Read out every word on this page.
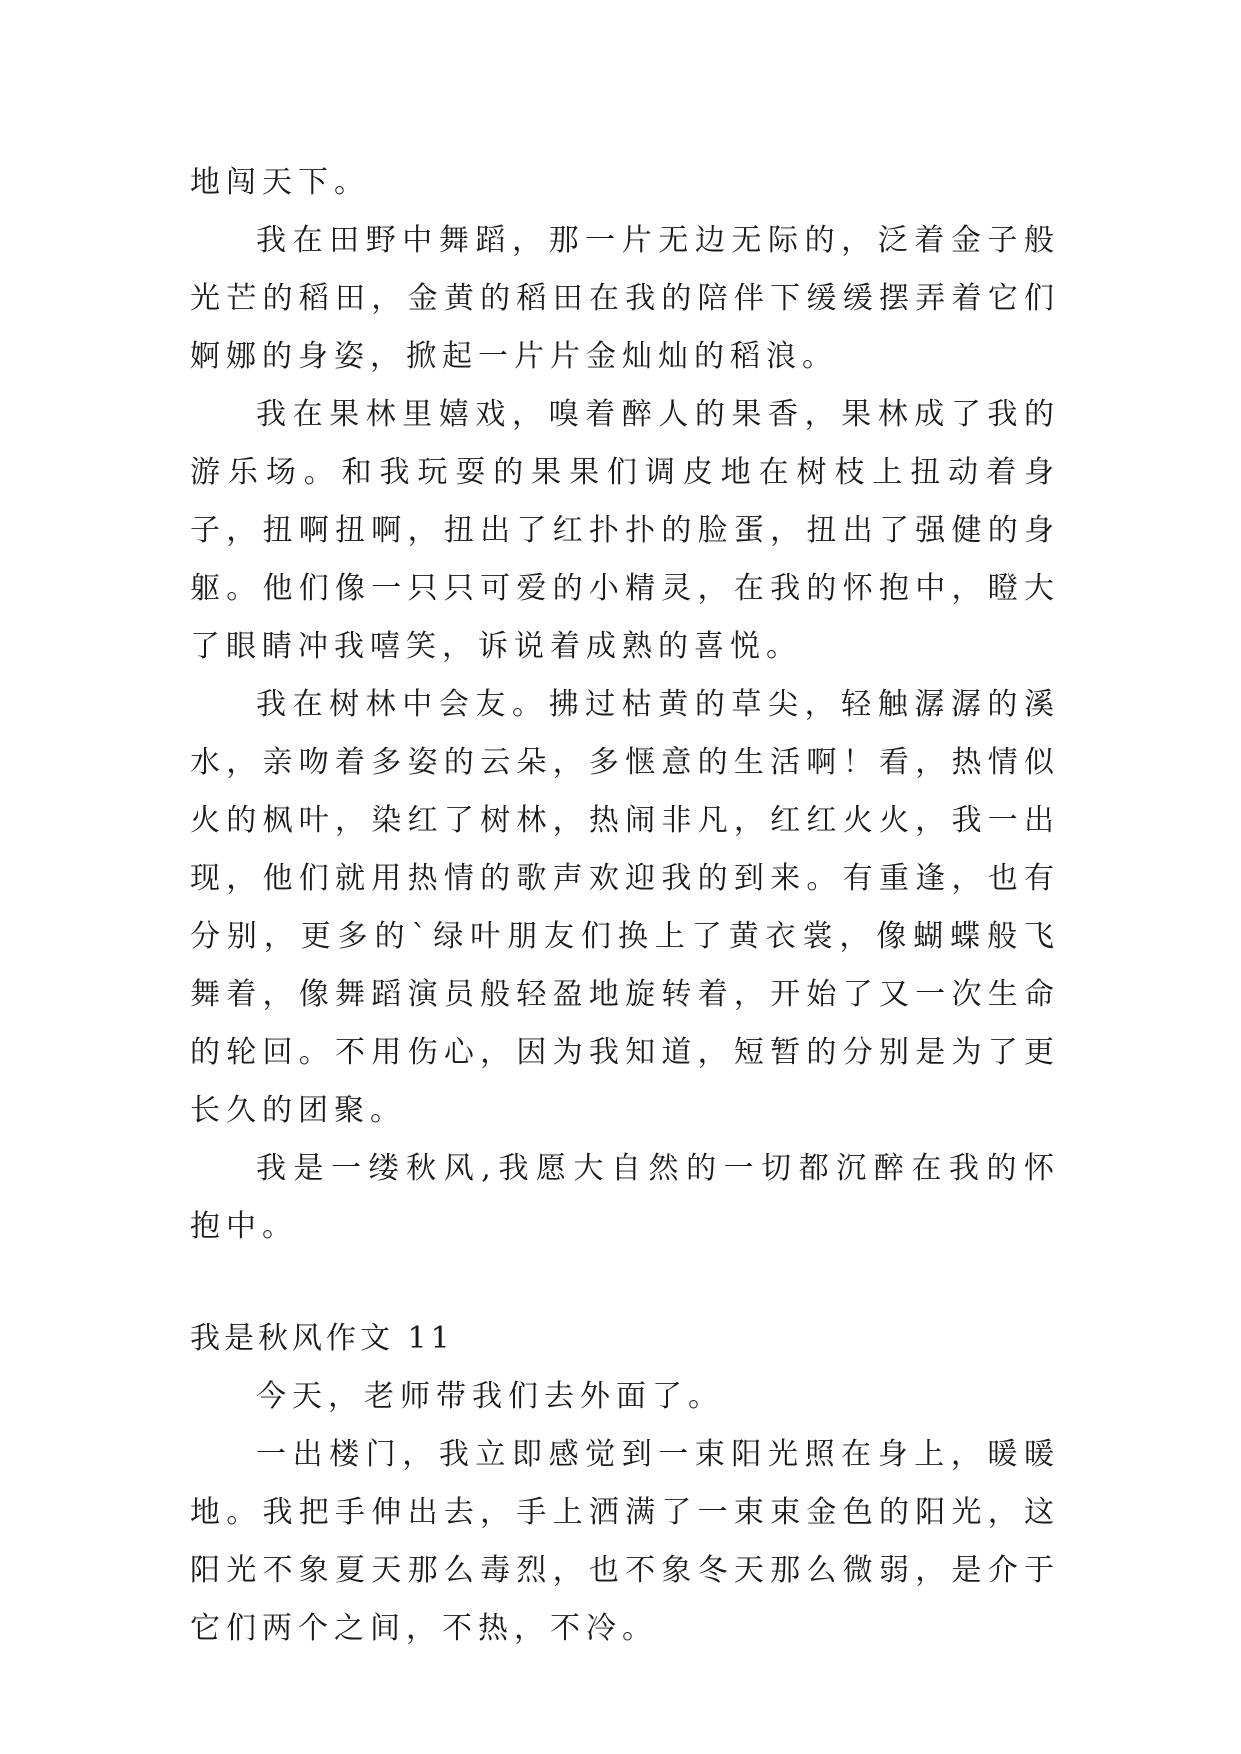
地闯天下。

我在田野中舞蹈，那一片无边无际的，泛着金子般光芒的稻田，金黄的稻田在我的陪伴下缓缓摆弄着它们婀娜的身姿，掀起一片片金灿灿的稻浪。

我在果林里嬉戏，嗅着醉人的果香，果林成了我的游乐场。和我玩耍的果果们调皮地在树枝上扭动着身子，扭啊扭啊，扭出了红扑扑的脸蛋，扭出了强健的身躯。他们像一只只可爱的小精灵，在我的怀抱中，瞪大了眼睛冲我嘻笑，诉说着成熟的喜悦。

我在树林中会友。拂过枯黄的草尖，轻触潺潺的溪水，亲吻着多姿的云朵，多惬意的生活啊！看，热情似火的枫叶，染红了树林，热闹非凡，红红火火，我一出现，他们就用热情的歌声欢迎我的到来。有重逢，也有分别，更多的`绿叶朋友们换上了黄衣裳，像蝴蝶般飞舞着，像舞蹈演员般轻盈地旋转着，开始了又一次生命的轮回。不用伤心，因为我知道，短暂的分别是为了更长久的团聚。

我是一缕秋风,我愿大自然的一切都沉醉在我的怀抱中。

我是秋风作文 11

今天，老师带我们去外面了。

一出楼门，我立即感觉到一束阳光照在身上，暖暖地。我把手伸出去，手上洒满了一束束金色的阳光，这阳光不象夏天那么毒烈，也不象冬天那么微弱，是介于它们两个之间，不热，不冷。
